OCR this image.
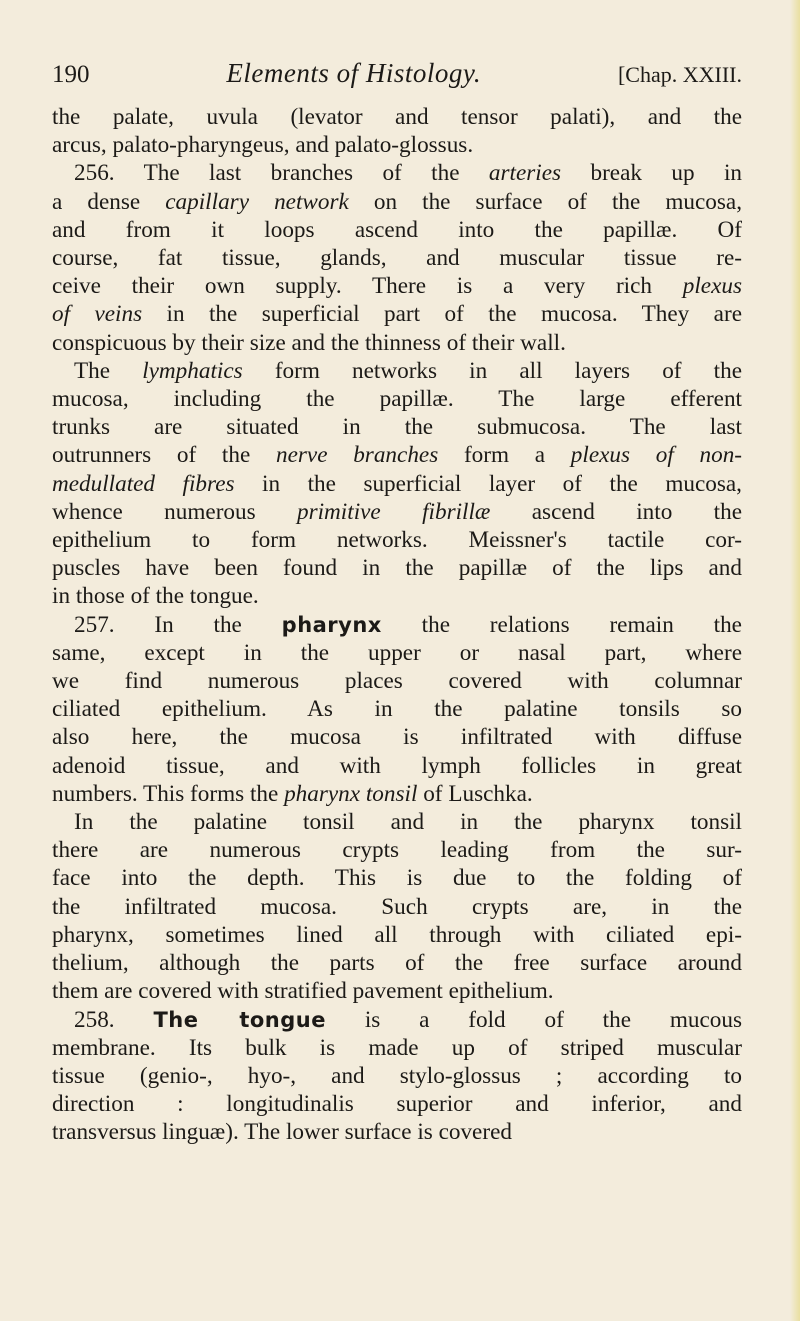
190	Elements of Histology.	[Chap. XXIII.
the palate, uvula (levator and tensor palati), and the
arcus, palato-pharyngeus, and palato-glossus.
256. The last branches of the arteries break up in
a dense capillary network on the surface of the mucosa,
and from it loops ascend into the papillæ. Of
course, fat tissue, glands, and muscular tissue re-
ceive their own supply. There is a very rich plexus
of veins in the superficial part of the mucosa. They are
conspicuous by their size and the thinness of their wall.
The lymphatics form networks in all layers of the
mucosa, including the papillæ. The large efferent
trunks are situated in the submucosa. The last
outrunners of the nerve branches form a plexus of non-
medullated fibres in the superficial layer of the mucosa,
whence numerous primitive fibrillæ ascend into the
epithelium to form networks. Meissner's tactile cor-
puscles have been found in the papillæ of the lips and
in those of the tongue.
257. In the pharynx the relations remain the
same, except in the upper or nasal part, where
we find numerous places covered with columnar
ciliated epithelium. As in the palatine tonsils so
also here, the mucosa is infiltrated with diffuse
adenoid tissue, and with lymph follicles in great
numbers. This forms the pharynx tonsil of Luschka.
In the palatine tonsil and in the pharynx tonsil
there are numerous crypts leading from the sur-
face into the depth. This is due to the folding of
the infiltrated mucosa. Such crypts are, in the
pharynx, sometimes lined all through with ciliated epi-
thelium, although the parts of the free surface around
them are covered with stratified pavement epithelium.
258. The tongue is a fold of the mucous
membrane. Its bulk is made up of striped muscular
tissue (genio-, hyo-, and stylo-glossus ; according to
direction : longitudinalis superior and inferior, and
transversus linguæ). The lower surface is covered
